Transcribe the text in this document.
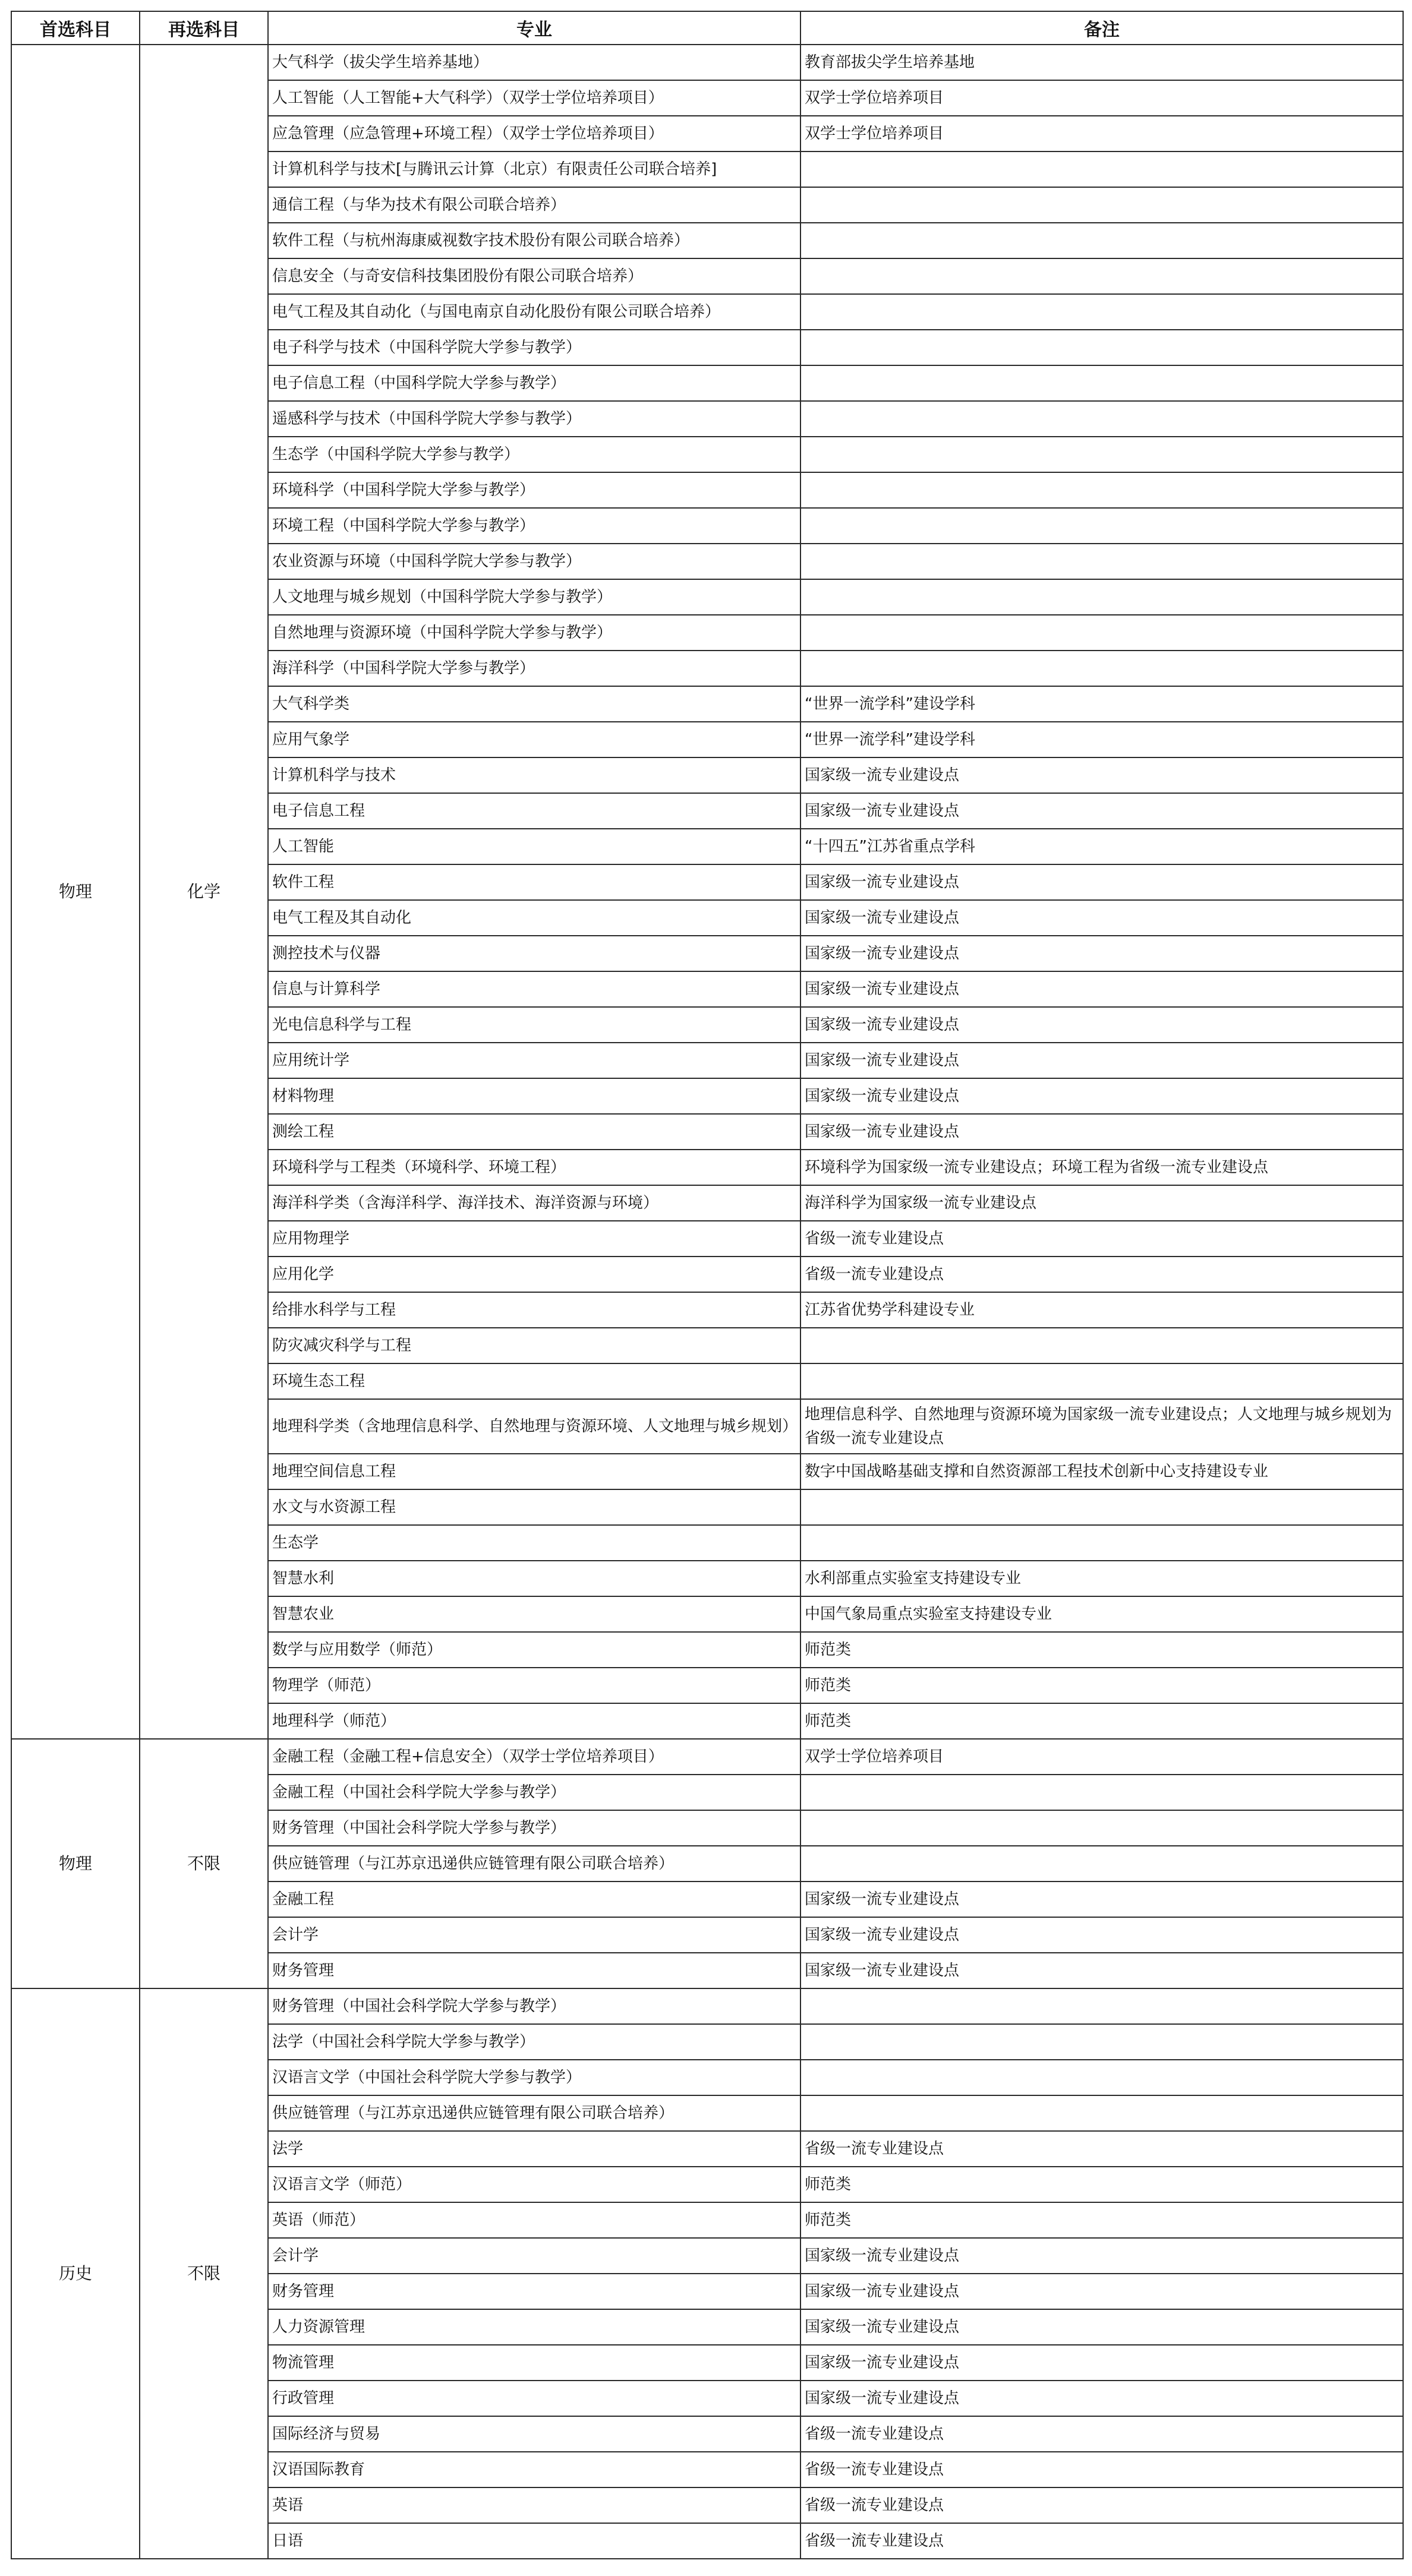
首选科目	再选科目	专业	备注
物理	化学	大气科学（拔尖学生培养基地）	教育部拔尖学生培养基地
		人工智能（人工智能+大气科学）（双学士学位培养项目）	双学士学位培养项目
		应急管理（应急管理+环境工程）（双学士学位培养项目）	双学士学位培养项目
		计算机科学与技术[与腾讯云计算（北京）有限责任公司联合培养]	
		通信工程（与华为技术有限公司联合培养）	
		软件工程（与杭州海康威视数字技术股份有限公司联合培养）	
		信息安全（与奇安信科技集团股份有限公司联合培养）	
		电气工程及其自动化（与国电南京自动化股份有限公司联合培养）	
		电子科学与技术（中国科学院大学参与教学）	
		电子信息工程（中国科学院大学参与教学）	
		遥感科学与技术（中国科学院大学参与教学）	
		生态学（中国科学院大学参与教学）	
		环境科学（中国科学院大学参与教学）	
		环境工程（中国科学院大学参与教学）	
		农业资源与环境（中国科学院大学参与教学）	
		人文地理与城乡规划（中国科学院大学参与教学）	
		自然地理与资源环境（中国科学院大学参与教学）	
		海洋科学（中国科学院大学参与教学）	
		大气科学类	“世界一流学科”建设学科
		应用气象学	“世界一流学科”建设学科
		计算机科学与技术	国家级一流专业建设点
		电子信息工程	国家级一流专业建设点
		人工智能	“十四五”江苏省重点学科
		软件工程	国家级一流专业建设点
		电气工程及其自动化	国家级一流专业建设点
		测控技术与仪器	国家级一流专业建设点
		信息与计算科学	国家级一流专业建设点
		光电信息科学与工程	国家级一流专业建设点
		应用统计学	国家级一流专业建设点
		材料物理	国家级一流专业建设点
		测绘工程	国家级一流专业建设点
		环境科学与工程类（环境科学、环境工程）	环境科学为国家级一流专业建设点；环境工程为省级一流专业建设点
		海洋科学类（含海洋科学、海洋技术、海洋资源与环境）	海洋科学为国家级一流专业建设点
		应用物理学	省级一流专业建设点
		应用化学	省级一流专业建设点
		给排水科学与工程	江苏省优势学科建设专业
		防灾减灾科学与工程	
		环境生态工程	
		地理科学类（含地理信息科学、自然地理与资源环境、人文地理与城乡规划）	地理信息科学、自然地理与资源环境为国家级一流专业建设点；人文地理与城乡规划为省级一流专业建设点
		地理空间信息工程	数字中国战略基础支撑和自然资源部工程技术创新中心支持建设专业
		水文与水资源工程	
		生态学	
		智慧水利	水利部重点实验室支持建设专业
		智慧农业	中国气象局重点实验室支持建设专业
		数学与应用数学（师范）	师范类
		物理学（师范）	师范类
		地理科学（师范）	师范类
物理	不限	金融工程（金融工程+信息安全）（双学士学位培养项目）	双学士学位培养项目
		金融工程（中国社会科学院大学参与教学）	
		财务管理（中国社会科学院大学参与教学）	
		供应链管理（与江苏京迅递供应链管理有限公司联合培养）	
		金融工程	国家级一流专业建设点
		会计学	国家级一流专业建设点
		财务管理	国家级一流专业建设点
历史	不限	财务管理（中国社会科学院大学参与教学）	
		法学（中国社会科学院大学参与教学）	
		汉语言文学（中国社会科学院大学参与教学）	
		供应链管理（与江苏京迅递供应链管理有限公司联合培养）	
		法学	省级一流专业建设点
		汉语言文学（师范）	师范类
		英语（师范）	师范类
		会计学	国家级一流专业建设点
		财务管理	国家级一流专业建设点
		人力资源管理	国家级一流专业建设点
		物流管理	国家级一流专业建设点
		行政管理	国家级一流专业建设点
		国际经济与贸易	省级一流专业建设点
		汉语国际教育	省级一流专业建设点
		英语	省级一流专业建设点
		日语	省级一流专业建设点
